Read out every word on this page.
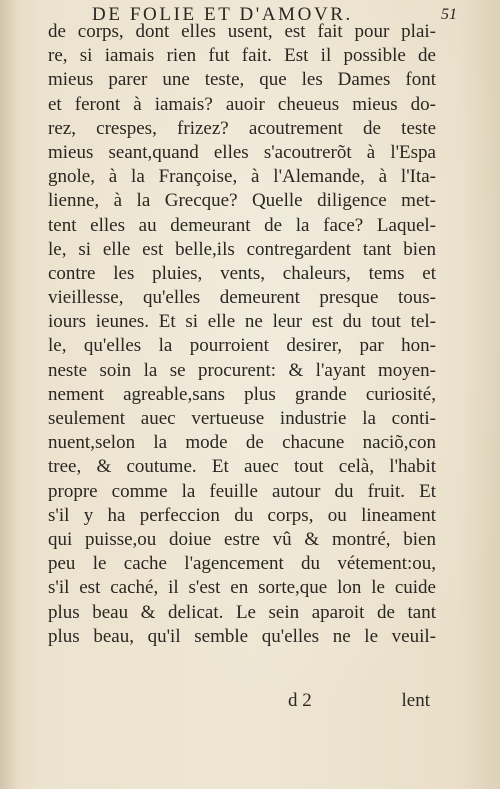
DE FOLIE ET D'AMOVR.	51
de corps, dont elles usent, est fait pour plai-
re, si iamais rien fut fait. Est il possible de
mieus parer une teste, que les Dames font
et feront à iamais? auoir cheueus mieus do-
rez, crespes, frizez? acoutrement de teste
mieus seant,quand elles s'acoutrerõt à l'Espa
gnole, à la Françoise, à l'Alemande, à l'Ita-
lienne, à la Grecque? Quelle diligence met-
tent elles au demeurant de la face? Laquel-
le, si elle est belle,ils contregardent tant bien
contre les pluies, vents, chaleurs, tems et
vieillesse, qu'elles demeurent presque tous-
iours ieunes. Et si elle ne leur est du tout tel-
le, qu'elles la pourroient desirer, par hon-
neste soin la se procurent: & l'ayant moyen-
nement agreable,sans plus grande curiosité,
seulement auec vertueuse industrie la conti-
nuent,selon la mode de chacune naciõ,con
tree, & coutume. Et auec tout celà, l'habit
propre comme la feuille autour du fruit. Et
s'il y ha perfeccion du corps, ou lineament
qui puisse,ou doiue estre vû & montré, bien
peu le cache l'agencement du vétement:ou,
s'il est caché, il s'est en sorte,que lon le cuide
plus beau & delicat. Le sein aparoit de tant
plus beau, qu'il semble qu'elles ne le veuil-
d 2	lent
